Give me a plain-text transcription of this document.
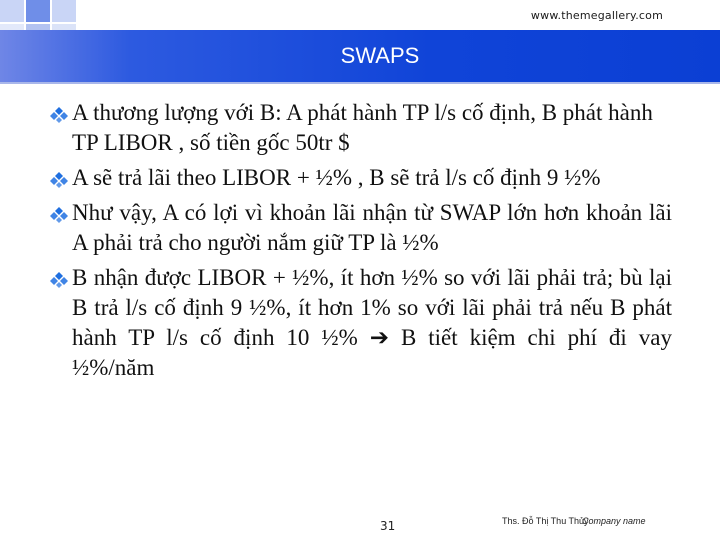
www.themegallery.com
SWAPS
A thương lượng với B: A phát hành TP l/s cố định, B phát hành TP LIBOR , số tiền gốc 50tr $
A sẽ trả lãi theo LIBOR + ½% , B sẽ trả l/s cố định 9 ½%
Như vậy, A có lợi vì khoản lãi nhận từ SWAP lớn hơn khoản lãi A phải trả cho người nắm giữ TP là ½%
B nhận được LIBOR + ½%, ít hơn ½% so với lãi phải trả; bù lại B trả l/s cố định 9 ½%, ít hơn 1% so với lãi phải trả nếu B phát hành TP l/s cố định 10 ½% ➔ B tiết kiệm chi phí đi vay ½%/năm
31	Ths. Đỗ Thị Thu Thủy
Company name
